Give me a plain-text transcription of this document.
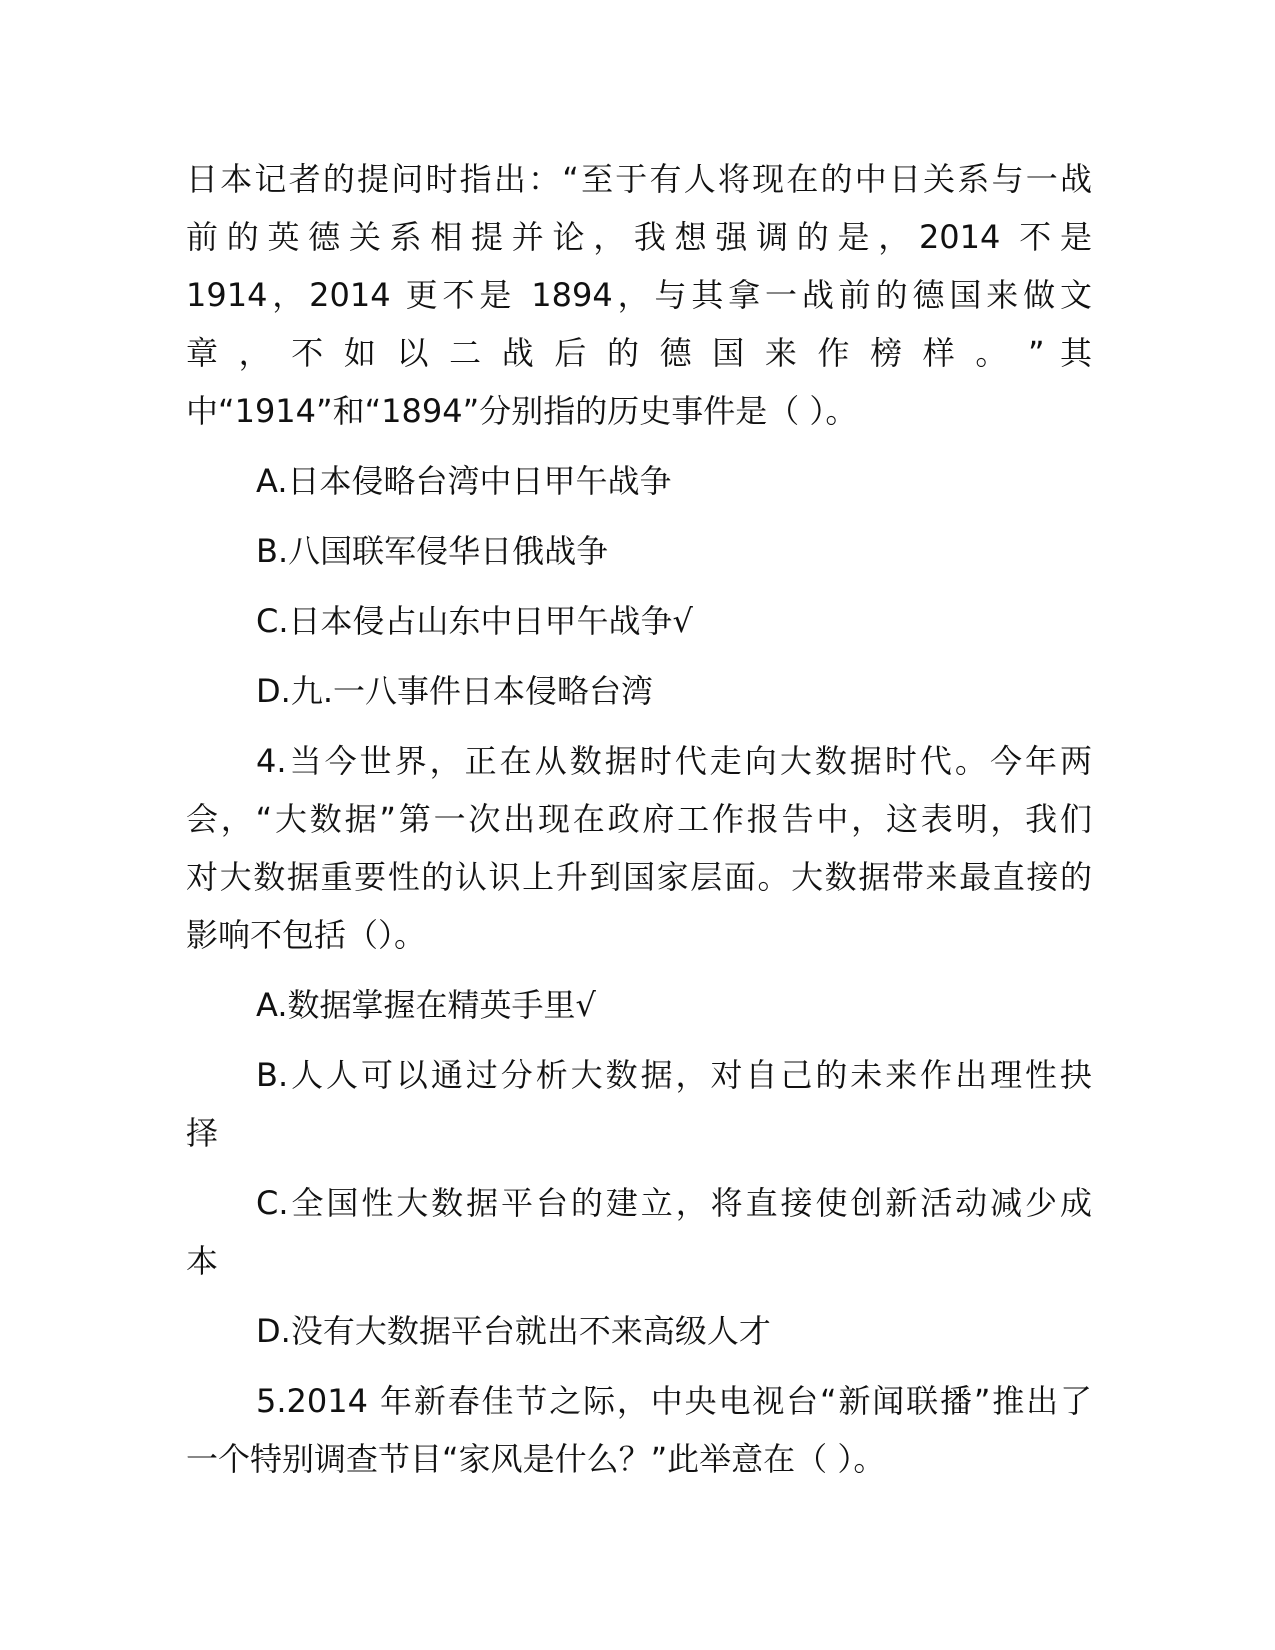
日本记者的提问时指出：“至于有人将现在的中日关系与一战
前的英德关系相提并论，我想强调的是，2014 不是
1914，2014 更不是 1894，与其拿一战前的德国来做文
章 ， 不 如 以 二 战 后 的 德 国 来 作 榜 样 。 ” 其
中“1914”和“1894”分别指的历史事件是（ ）。
A.日本侵略台湾中日甲午战争
B.八国联军侵华日俄战争
C.日本侵占山东中日甲午战争√
D.九.一八事件日本侵略台湾
4.当今世界，正在从数据时代走向大数据时代。今年两
会，“大数据”第一次出现在政府工作报告中，这表明，我们
对大数据重要性的认识上升到国家层面。大数据带来最直接的
影响不包括（）。
A.数据掌握在精英手里√
B.人人可以通过分析大数据，对自己的未来作出理性抉
择
C.全国性大数据平台的建立，将直接使创新活动减少成
本
D.没有大数据平台就出不来高级人才
5.2014 年新春佳节之际，中央电视台“新闻联播”推出了
一个特别调查节目“家风是什么？”此举意在（ ）。
